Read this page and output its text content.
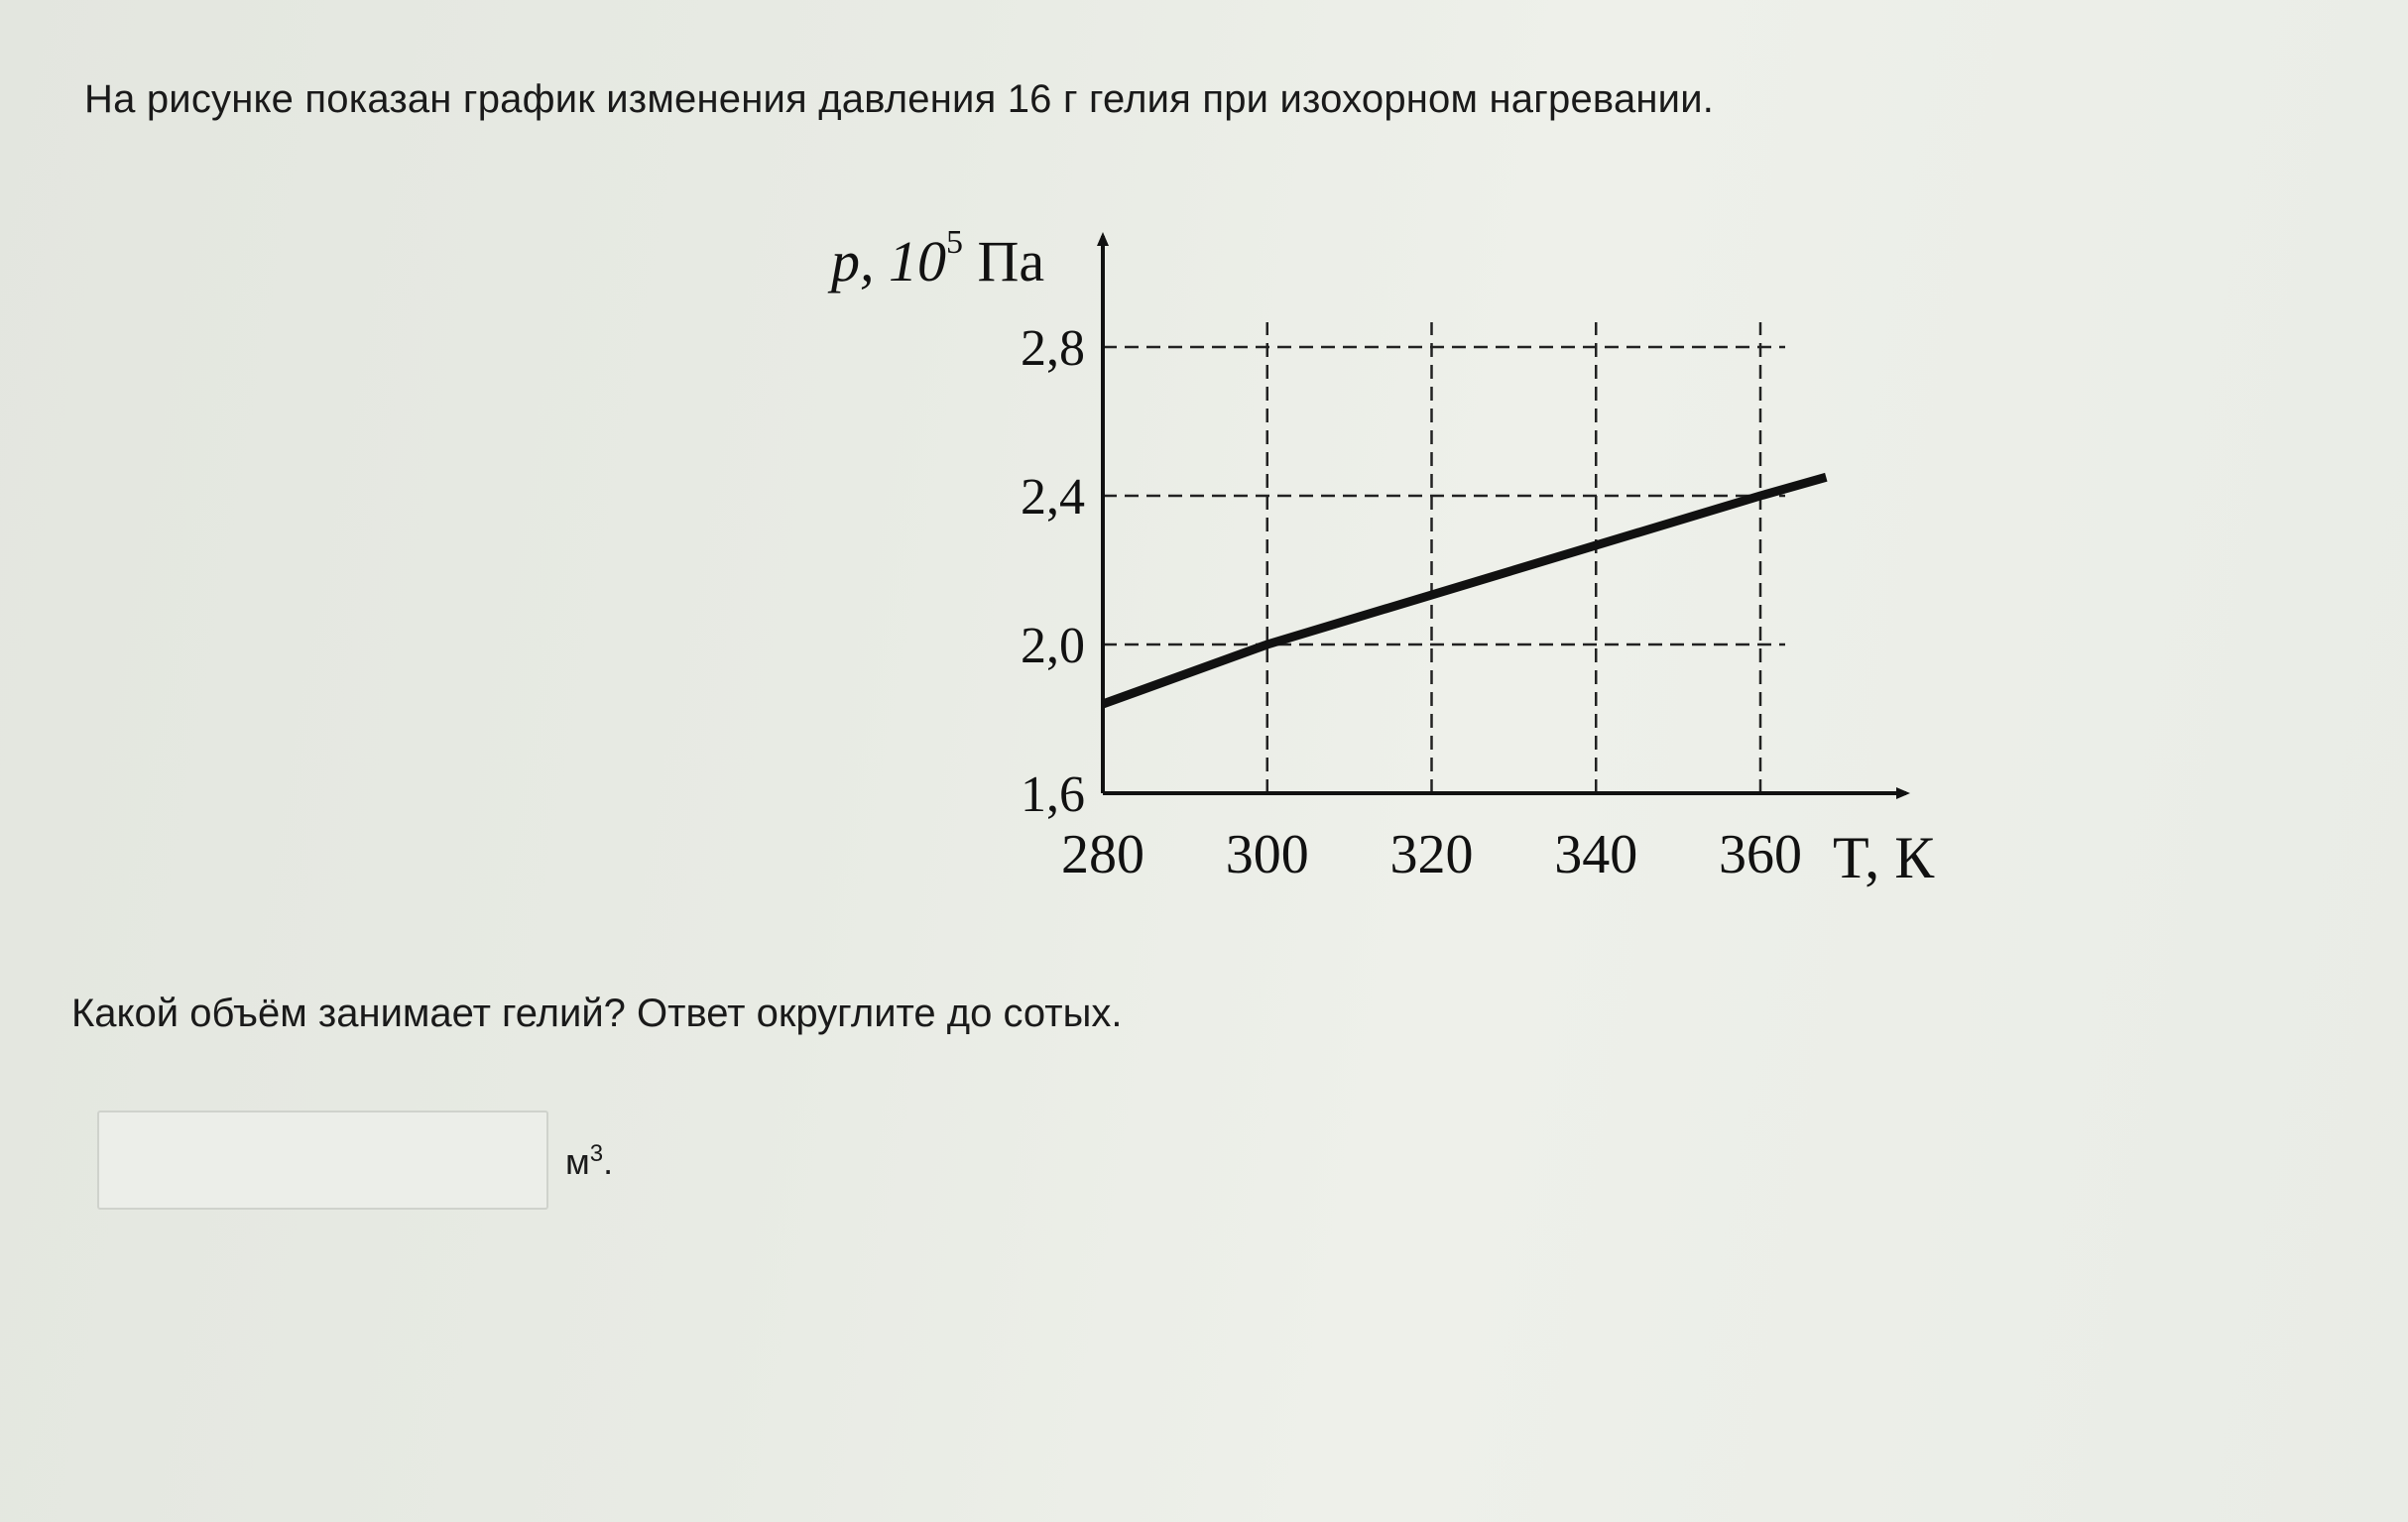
На рисунке показан график изменения давления 16 г гелия при изохорном нагревании.

1,6
2,0
2,4
2,8
280 300 320 340 360
p, $10^5$ Па
T, К

Какой объём занимает гелий? Ответ округлите до сотых.

$м^3$.
